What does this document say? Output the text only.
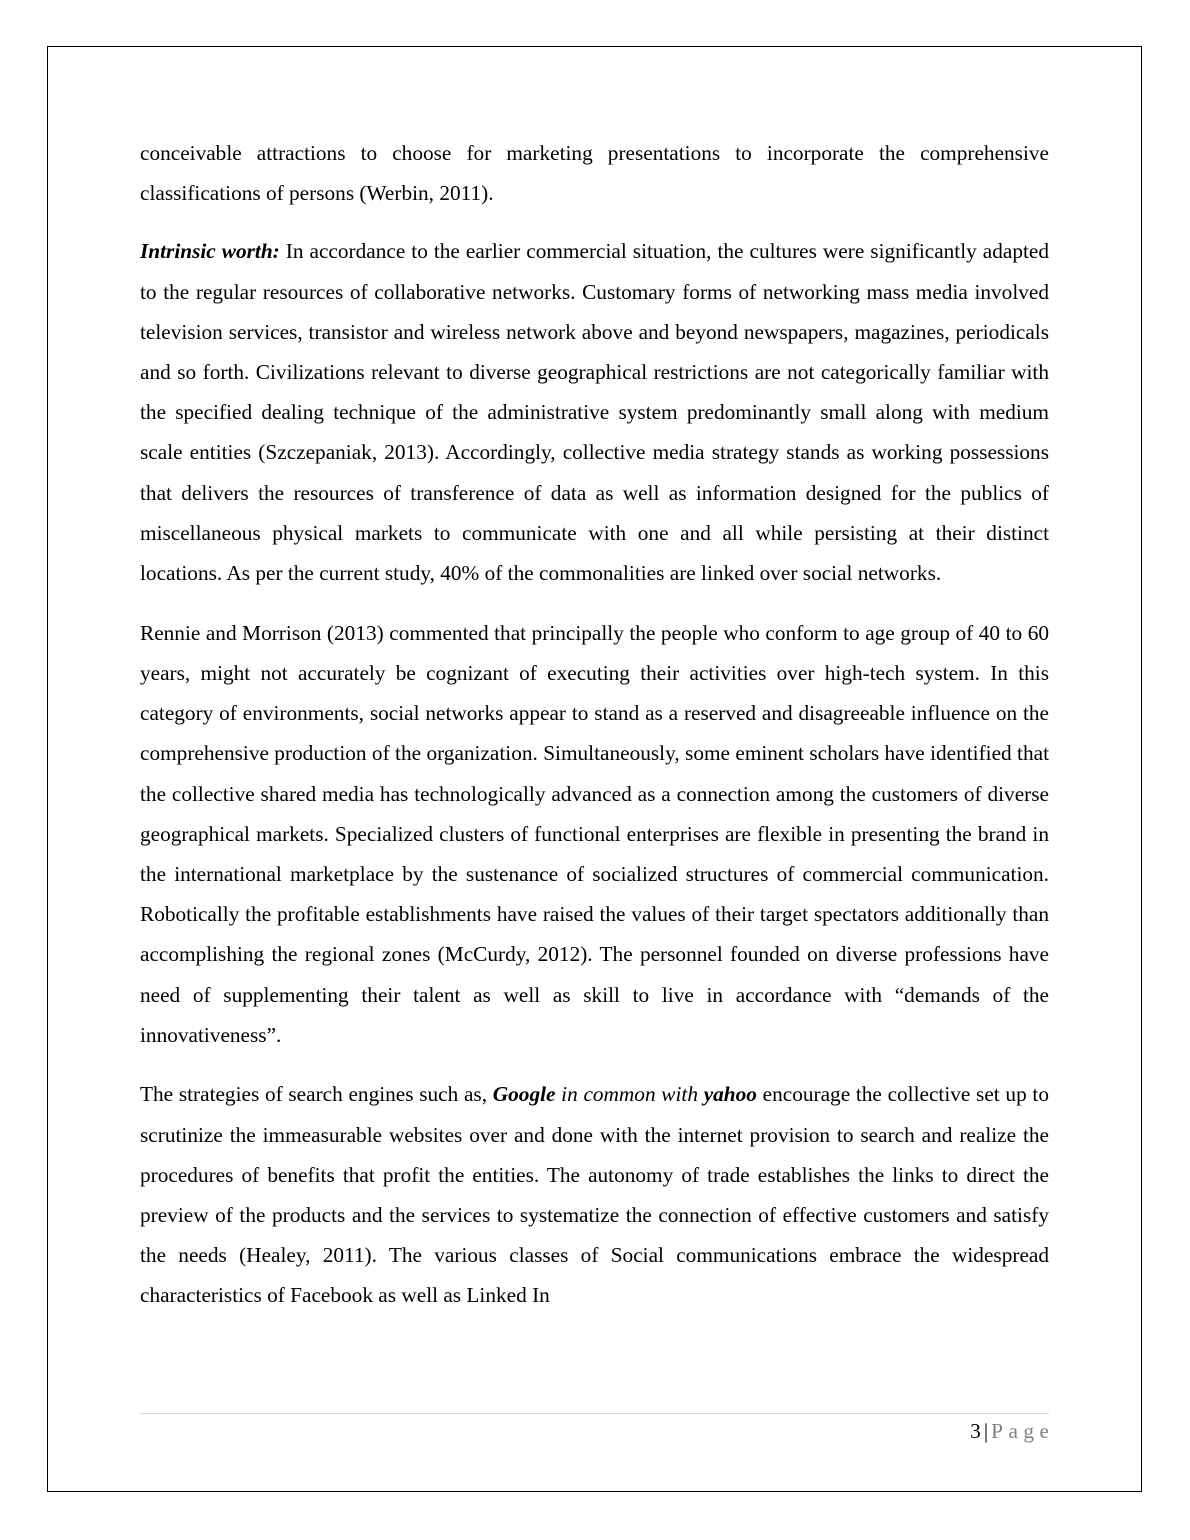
conceivable attractions to choose for marketing presentations to incorporate the comprehensive classifications of persons (Werbin, 2011).

Intrinsic worth: In accordance to the earlier commercial situation, the cultures were significantly adapted to the regular resources of collaborative networks. Customary forms of networking mass media involved television services, transistor and wireless network above and beyond newspapers, magazines, periodicals and so forth. Civilizations relevant to diverse geographical restrictions are not categorically familiar with the specified dealing technique of the administrative system predominantly small along with medium scale entities (Szczepaniak, 2013). Accordingly, collective media strategy stands as working possessions that delivers the resources of transference of data as well as information designed for the publics of miscellaneous physical markets to communicate with one and all while persisting at their distinct locations. As per the current study, 40% of the commonalities are linked over social networks.

Rennie and Morrison (2013) commented that principally the people who conform to age group of 40 to 60 years, might not accurately be cognizant of executing their activities over high-tech system. In this category of environments, social networks appear to stand as a reserved and disagreeable influence on the comprehensive production of the organization. Simultaneously, some eminent scholars have identified that the collective shared media has technologically advanced as a connection among the customers of diverse geographical markets. Specialized clusters of functional enterprises are flexible in presenting the brand in the international marketplace by the sustenance of socialized structures of commercial communication. Robotically the profitable establishments have raised the values of their target spectators additionally than accomplishing the regional zones (McCurdy, 2012). The personnel founded on diverse professions have need of supplementing their talent as well as skill to live in accordance with “demands of the innovativeness”.

The strategies of search engines such as, Google in common with yahoo encourage the collective set up to scrutinize the immeasurable websites over and done with the internet provision to search and realize the procedures of benefits that profit the entities. The autonomy of trade establishes the links to direct the preview of the products and the services to systematize the connection of effective customers and satisfy the needs (Healey, 2011). The various classes of Social communications embrace the widespread characteristics of Facebook as well as Linked In

3 | Page
